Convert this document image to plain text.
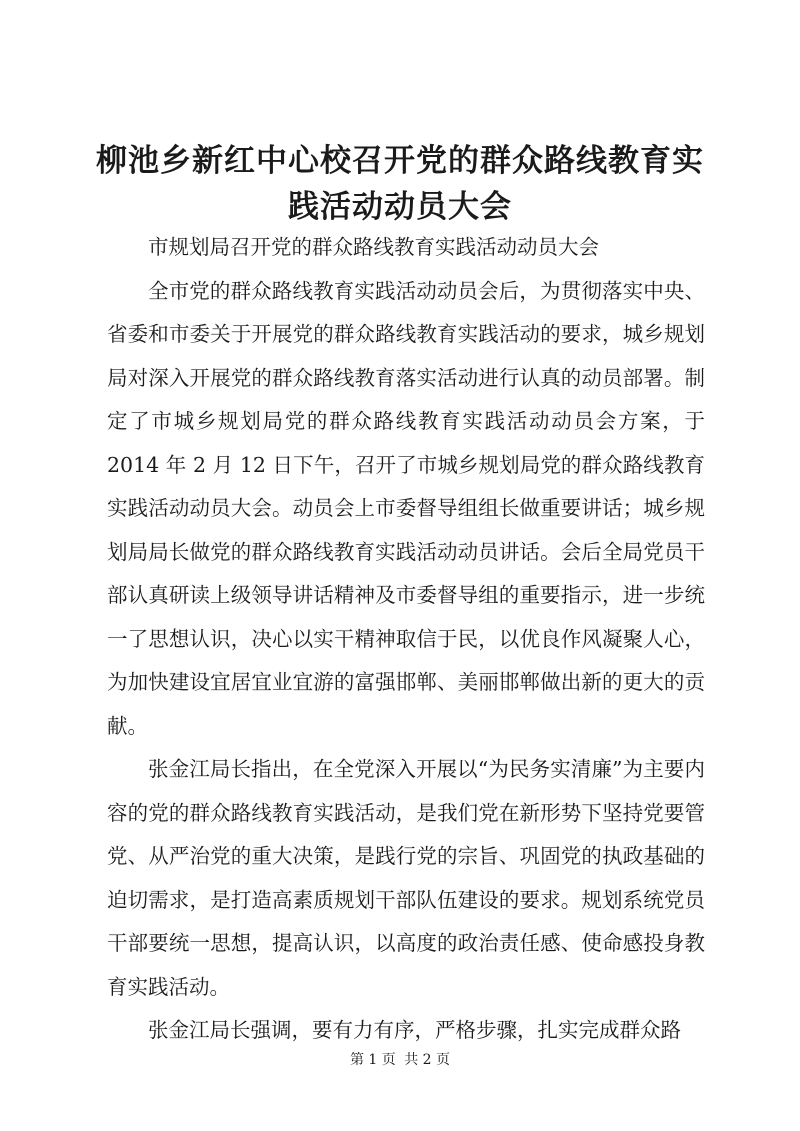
柳池乡新红中心校召开党的群众路线教育实践活动动员大会

市规划局召开党的群众路线教育实践活动动员大会

全市党的群众路线教育实践活动动员会后，为贯彻落实中央、省委和市委关于开展党的群众路线教育实践活动的要求，城乡规划局对深入开展党的群众路线教育落实活动进行认真的动员部署。制定了市城乡规划局党的群众路线教育实践活动动员会方案，于 2014 年 2 月 12 日下午，召开了市城乡规划局党的群众路线教育实践活动动员大会。动员会上市委督导组组长做重要讲话；城乡规划局局长做党的群众路线教育实践活动动员讲话。会后全局党员干部认真研读上级领导讲话精神及市委督导组的重要指示，进一步统一了思想认识，决心以实干精神取信于民，以优良作风凝聚人心，为加快建设宜居宜业宜游的富强邯郸、美丽邯郸做出新的更大的贡献。

张金江局长指出，在全党深入开展以“为民务实清廉”为主要内容的党的群众路线教育实践活动，是我们党在新形势下坚持党要管党、从严治党的重大决策，是践行党的宗旨、巩固党的执政基础的迫切需求，是打造高素质规划干部队伍建设的要求。规划系统党员干部要统一思想，提高认识，以高度的政治责任感、使命感投身教育实践活动。

张金江局长强调，要有力有序，严格步骤，扎实完成群众路

第 1 页 共 2 页
